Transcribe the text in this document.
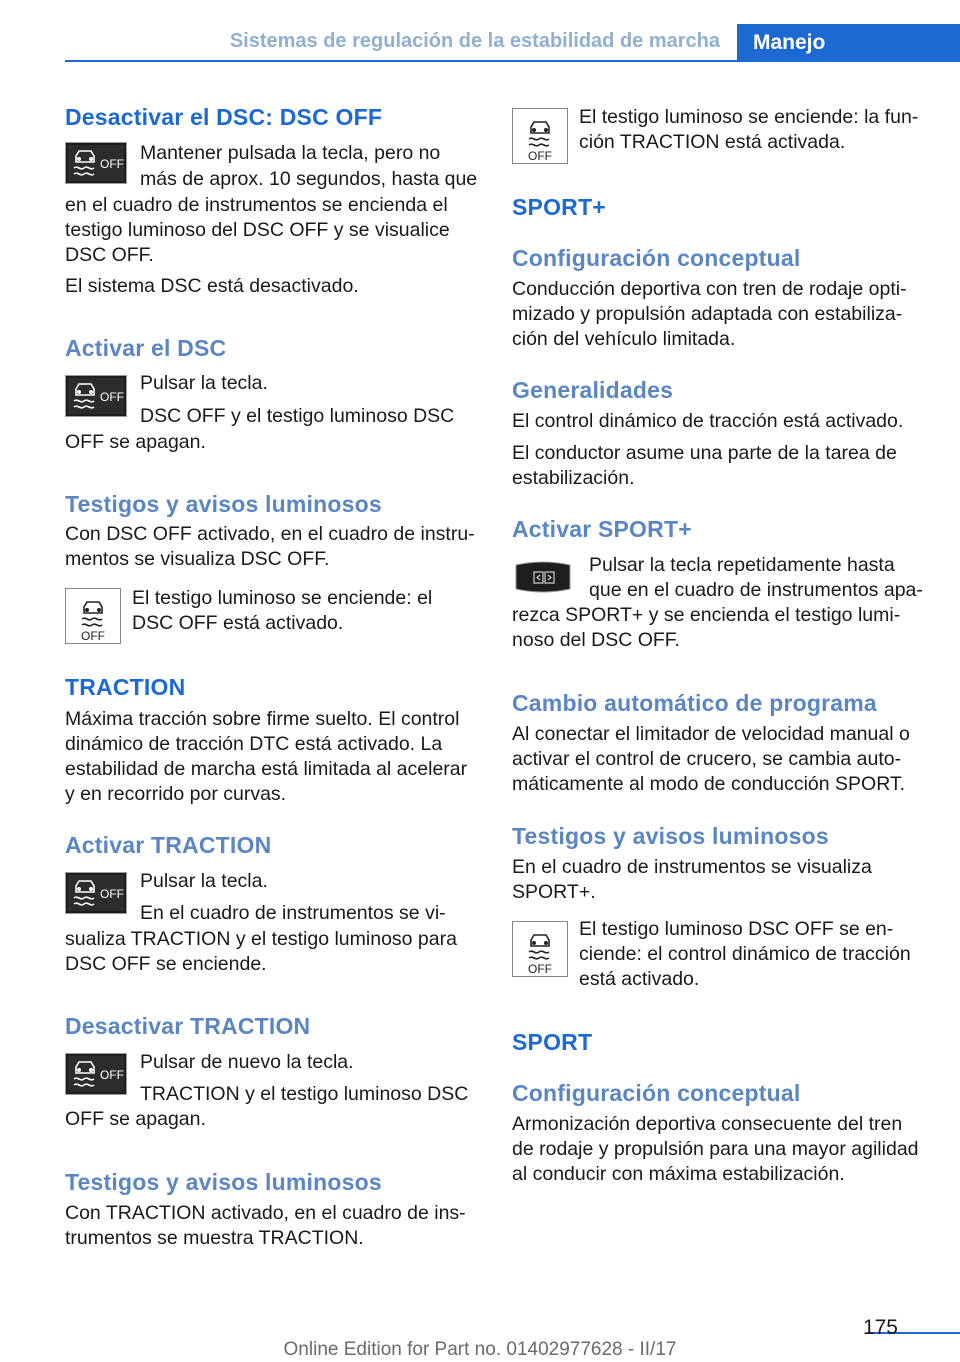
Sistemas de regulación de la estabilidad de marcha Manejo
Desactivar el DSC: DSC OFF
Mantener pulsada la tecla, pero no
más de aprox. 10 segundos, hasta que
en el cuadro de instrumentos se encienda el
testigo luminoso del DSC OFF y se visualice
DSC OFF.
El sistema DSC está desactivado.
Activar el DSC
Pulsar la tecla.
DSC OFF y el testigo luminoso DSC
OFF se apagan.
Testigos y avisos luminosos
Con DSC OFF activado, en el cuadro de instru-
mentos se visualiza DSC OFF.
El testigo luminoso se enciende: el
DSC OFF está activado.
TRACTION
Máxima tracción sobre firme suelto. El control
dinámico de tracción DTC está activado. La
estabilidad de marcha está limitada al acelerar
y en recorrido por curvas.
Activar TRACTION
Pulsar la tecla.
En el cuadro de instrumentos se vi-
sualiza TRACTION y el testigo luminoso para
DSC OFF se enciende.
Desactivar TRACTION
Pulsar de nuevo la tecla.
TRACTION y el testigo luminoso DSC
OFF se apagan.
Testigos y avisos luminosos
Con TRACTION activado, en el cuadro de ins-
trumentos se muestra TRACTION.
El testigo luminoso se enciende: la fun-
ción TRACTION está activada.
SPORT+
Configuración conceptual
Conducción deportiva con tren de rodaje opti-
mizado y propulsión adaptada con estabiliza-
ción del vehículo limitada.
Generalidades
El control dinámico de tracción está activado.
El conductor asume una parte de la tarea de
estabilización.
Activar SPORT+
Pulsar la tecla repetidamente hasta
que en el cuadro de instrumentos apa-
rezca SPORT+ y se encienda el testigo lumi-
noso del DSC OFF.
Cambio automático de programa
Al conectar el limitador de velocidad manual o
activar el control de crucero, se cambia auto-
máticamente al modo de conducción SPORT.
Testigos y avisos luminosos
En el cuadro de instrumentos se visualiza
SPORT+.
El testigo luminoso DSC OFF se en-
ciende: el control dinámico de tracción
está activado.
SPORT
Configuración conceptual
Armonización deportiva consecuente del tren
de rodaje y propulsión para una mayor agilidad
al conducir con máxima estabilización.
175
Online Edition for Part no. 01402977628 - II/17
